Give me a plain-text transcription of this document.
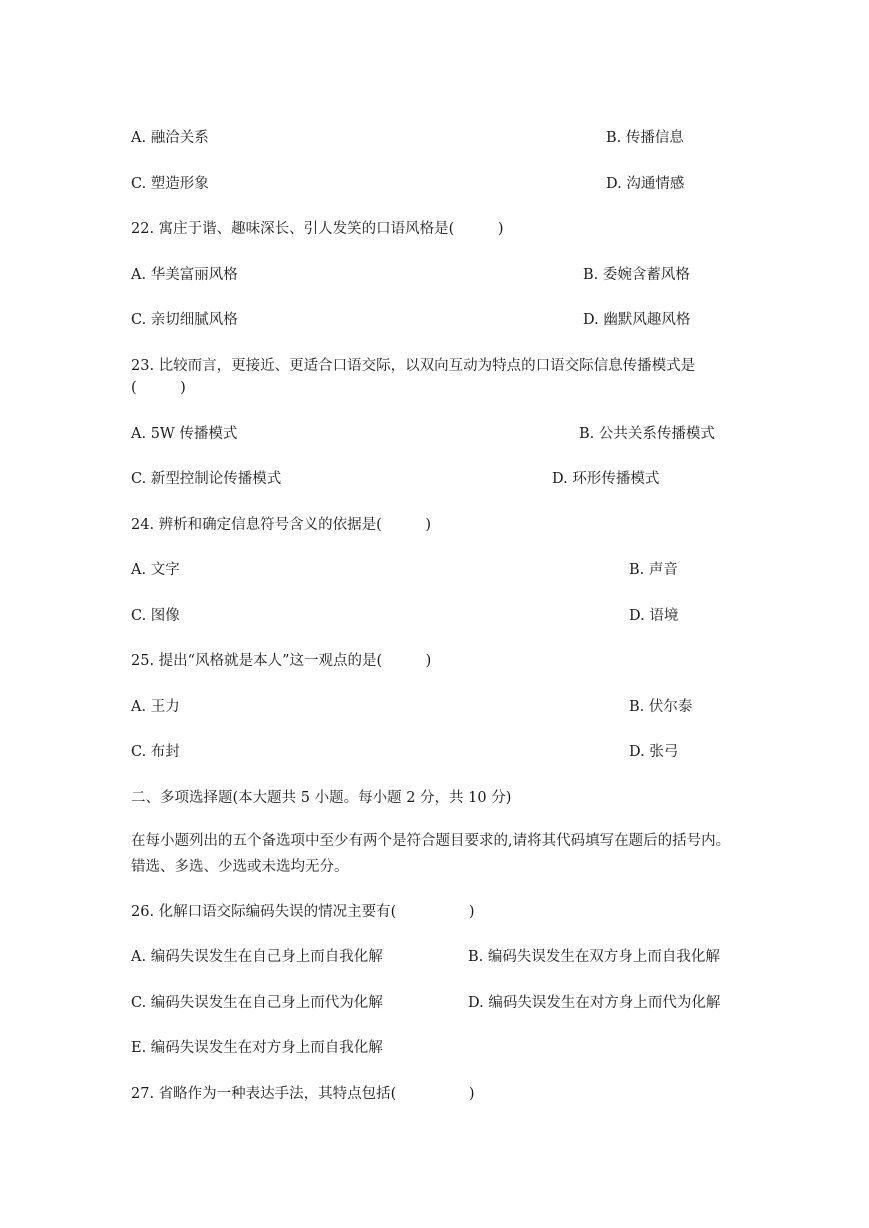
A. 融洽关系	B. 传播信息
C. 塑造形象	D. 沟通情感
22. 寓庄于谐、趣味深长、引人发笑的口语风格是(　　　)
A. 华美富丽风格	B. 委婉含蓄风格
C. 亲切细腻风格	D. 幽默风趣风格
23. 比较而言，更接近、更适合口语交际，以双向互动为特点的口语交际信息传播模式是
(　　　)
A. 5W 传播模式	B. 公共关系传播模式
C. 新型控制论传播模式	D. 环形传播模式
24. 辨析和确定信息符号含义的依据是(　　　)
A. 文字	B. 声音
C. 图像	D. 语境
25. 提出“风格就是本人”这一观点的是(　　　)
A. 王力	B. 伏尔泰
C. 布封	D. 张弓
二、多项选择题(本大题共 5 小题。每小题 2 分，共 10 分)
在每小题列出的五个备选项中至少有两个是符合题目要求的,请将其代码填写在题后的括号内。错选、多选、少选或未选均无分。
26. 化解口语交际编码失误的情况主要有(　　　　　)
A. 编码失误发生在自己身上而自我化解	B. 编码失误发生在双方身上而自我化解
C. 编码失误发生在自己身上而代为化解	D. 编码失误发生在对方身上而代为化解
E. 编码失误发生在对方身上而自我化解
27. 省略作为一种表达手法，其特点包括(　　　　　)
